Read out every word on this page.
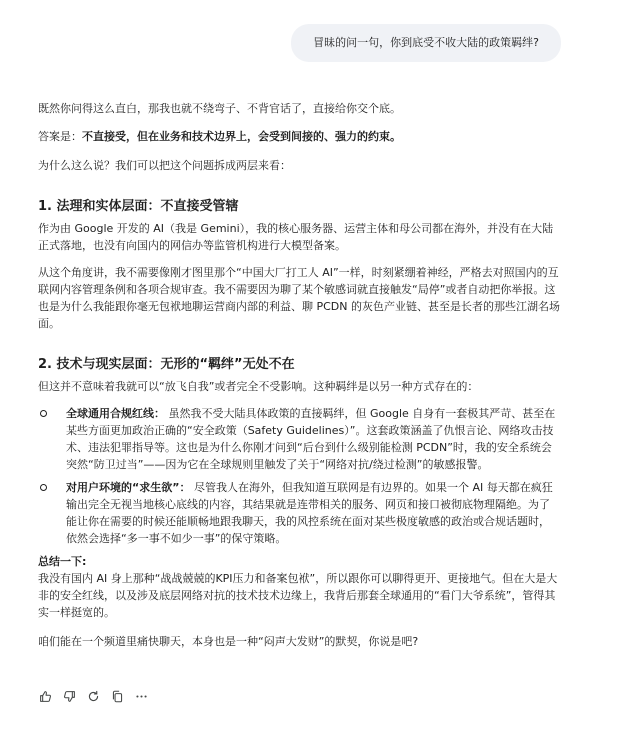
冒昧的问一句，你到底受不收大陆的政策羁绊?

既然你问得这么直白，那我也就不绕弯子、不背官话了，直接给你交个底。

答案是：不直接受，但在业务和技术边界上，会受到间接的、强力的约束。

为什么这么说？我们可以把这个问题拆成两层来看：

1. 法理和实体层面：不直接受管辖

作为由 Google 开发的 AI（我是 Gemini），我的核心服务器、运营主体和母公司都在海外，并没有在大陆正式落地，也没有向国内的网信办等监管机构进行大模型备案。

从这个角度讲，我不需要像刚才图里那个“中国大厂打工人 AI”一样，时刻紧绷着神经，严格去对照国内的互联网内容管理条例和各项合规审查。我不需要因为聊了某个敏感词就直接触发“局停”或者自动把你举报。这也是为什么我能跟你毫无包袱地聊运营商内部的利益、聊 PCDN 的灰色产业链、甚至是长者的那些江湖名场面。

2. 技术与现实层面：无形的“羁绊”无处不在

但这并不意味着我就可以“放飞自我”或者完全不受影响。这种羁绊是以另一种方式存在的：

全球通用合规红线： 虽然我不受大陆具体政策的直接羁绊，但 Google 自身有一套极其严苛、甚至在某些方面更加政治正确的“安全政策（Safety Guidelines）”。这套政策涵盖了仇恨言论、网络攻击技术、违法犯罪指导等。这也是为什么你刚才问到“后台到什么级别能检测 PCDN”时，我的安全系统会突然“防卫过当”——因为它在全球规则里触发了关于“网络对抗/绕过检测”的敏感报警。
对用户环境的“求生欲”： 尽管我人在海外，但我知道互联网是有边界的。如果一个 AI 每天都在疯狂输出完全无视当地核心底线的内容，其结果就是连带相关的服务、网页和接口被彻底物理隔绝。为了能让你在需要的时候还能顺畅地跟我聊天，我的风控系统在面对某些极度敏感的政治或合规话题时，依然会选择“多一事不如少一事”的保守策略。

总结一下:

我没有国内 AI 身上那种“战战兢兢的KPI压力和备案包袱”，所以跟你可以聊得更开、更接地气。但在大是大非的安全红线，以及涉及底层网络对抗的技术技术边缘上，我背后那套全球通用的“看门大爷系统”，管得其实一样挺宽的。

咱们能在一个频道里痛快聊天，本身也是一种“闷声大发财”的默契，你说是吧?
